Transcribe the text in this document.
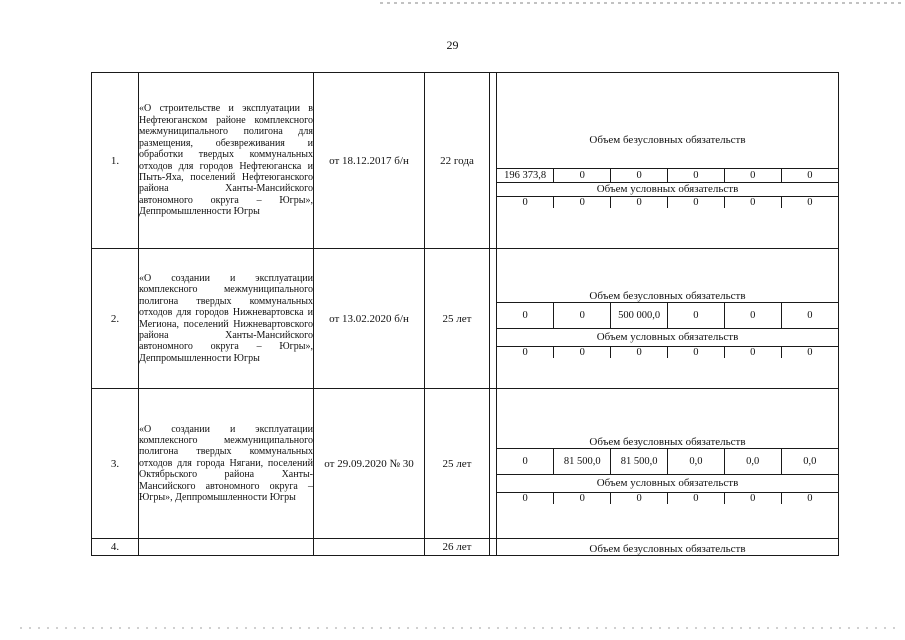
29
1.	«О строительстве и эксплуатации в Нефтеюганском районе комплексного межмуниципального полигона для размещения, обезвреживания и обработки твердых коммунальных отходов для городов Нефтеюганска и Пыть-Яха, поселений Нефтеюганского района Ханты-Мансийского автономного округа – Югры», Деппромышленности Югры	от 18.12.2017 б/н	22 года		
Объем безусловных обязательств
196 373,8	0	0	0	0	0
Объем условных обязательств
0	0	0	0	0	0

2.	«О создании и эксплуатации комплексного межмуниципального полигона твердых коммунальных отходов для городов Нижневартовска и Мегиона, поселений Нижневартовского района Ханты-Мансийского автономного округа – Югры», Деппромышленности Югры	от 13.02.2020 б/н	25 лет		
Объем безусловных обязательств
0	0	500 000,0	0	0	0
Объем условных обязательств
0	0	0	0	0	0

3.	«О создании и эксплуатации комплексного межмуниципального полигона твердых коммунальных отходов для города Нягани, поселений Октябрьского района Ханты-Мансийского автономного округа – Югры», Деппромышленности Югры	от 29.09.2020 № 30	25 лет		
Объем безусловных обязательств
0	81 500,0	81 500,0	0,0	0,0	0,0
Объем условных обязательств
0	0	0	0	0	0

4.			26 лет		Объем безусловных обязательств
